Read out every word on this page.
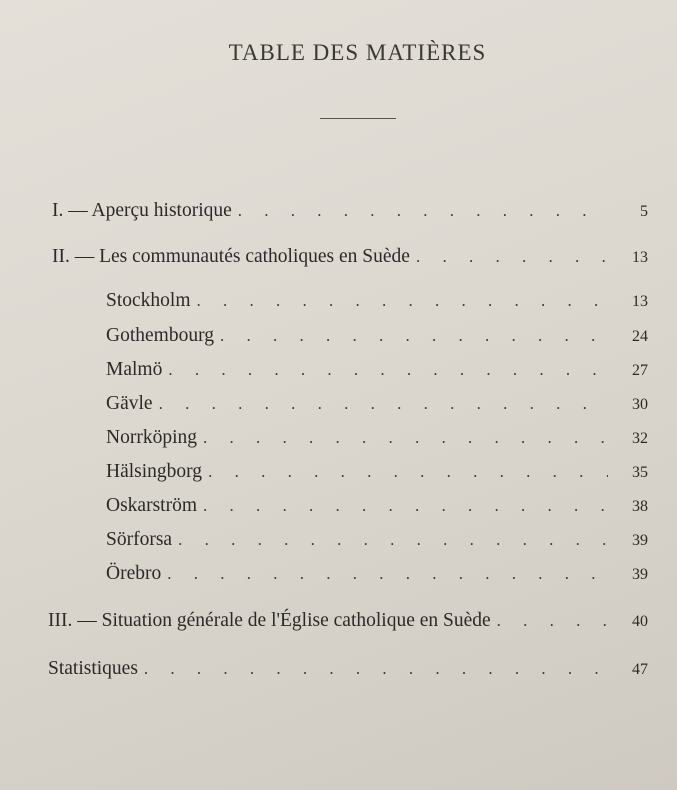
TABLE DES MATIÈRES
I. — Aperçu historique . . .	5
II. — Les communautés catholiques en Suède . . .	13
Stockholm . . .	13
Gothembourg . . .	24
Malmö . . .	27
Gävle . . .	30
Norrköping . . .	32
Hälsingborg . . .	35
Oskarström . . .	38
Sörforsa . . .	39
Örebro . . .	39
III. — Situation générale de l'Église catholique en Suède . . .	40
Statistiques . . .	47
